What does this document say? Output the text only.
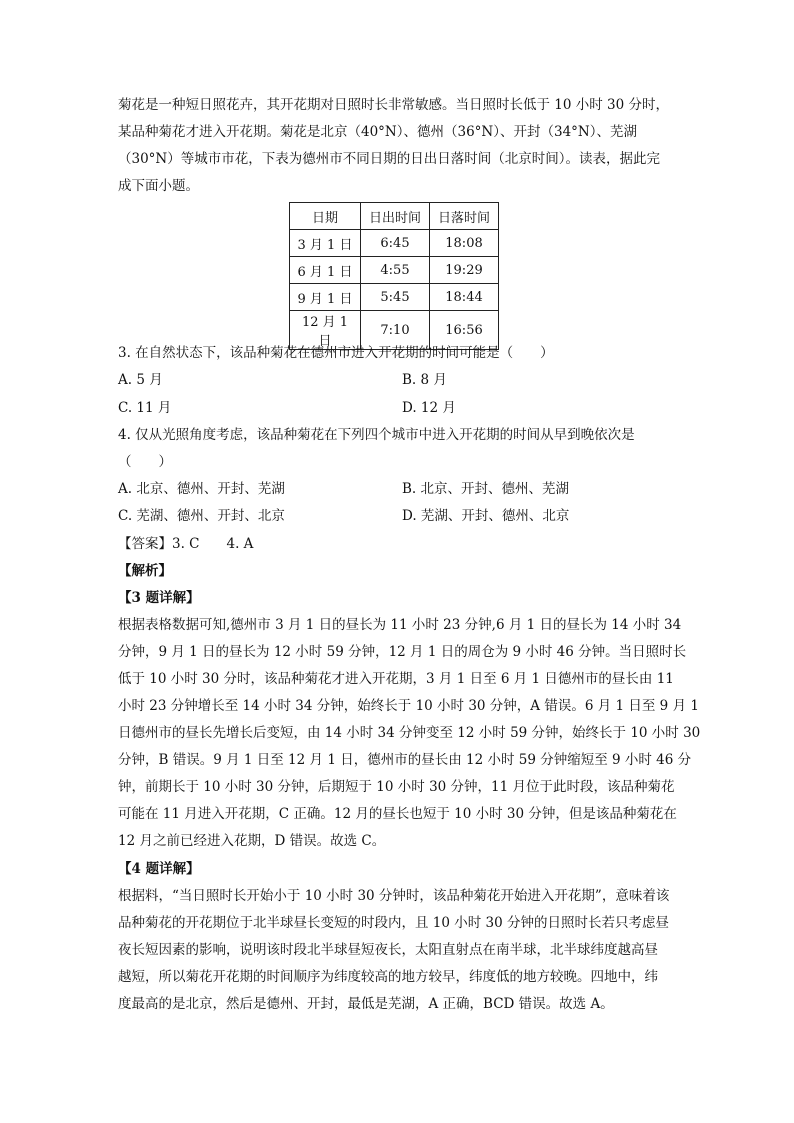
菊花是一种短日照花卉，其开花期对日照时长非常敏感。当日照时长低于 10 小时 30 分时，
某品种菊花才进入开花期。菊花是北京（40°N）、德州（36°N）、开封（34°N）、芜湖
（30°N）等城市市花，下表为德州市不同日期的日出日落时间（北京时间）。读表，据此完
成下面小题。
日期	日出时间	日落时间
3 月 1 日	6:45	18:08
6 月 1 日	4:55	19:29
9 月 1 日	5:45	18:44
12 月 1 日	7:10	16:56
3. 在自然状态下，该品种菊花在德州市进入开花期的时间可能是（　　）
A. 5 月	B. 8 月
C. 11 月	D. 12 月
4. 仅从光照角度考虑，该品种菊花在下列四个城市中进入开花期的时间从早到晚依次是
（　　）
A. 北京、德州、开封、芜湖	B. 北京、开封、德州、芜湖
C. 芜湖、德州、开封、北京	D. 芜湖、开封、德州、北京
【答案】3. C　　4. A
【解析】
【3 题详解】
根据表格数据可知,德州市 3 月 1 日的昼长为 11 小时 23 分钟,6 月 1 日的昼长为 14 小时 34
分钟，9 月 1 日的昼长为 12 小时 59 分钟，12 月 1 日的周仓为 9 小时 46 分钟。当日照时长
低于 10 小时 30 分时，该品种菊花才进入开花期，3 月 1 日至 6 月 1 日德州市的昼长由 11
小时 23 分钟增长至 14 小时 34 分钟，始终长于 10 小时 30 分钟，A 错误。6 月 1 日至 9 月 1
日德州市的昼长先增长后变短，由 14 小时 34 分钟变至 12 小时 59 分钟，始终长于 10 小时 30
分钟，B 错误。9 月 1 日至 12 月 1 日，德州市的昼长由 12 小时 59 分钟缩短至 9 小时 46 分
钟，前期长于 10 小时 30 分钟，后期短于 10 小时 30 分钟，11 月位于此时段，该品种菊花
可能在 11 月进入开花期，C 正确。12 月的昼长也短于 10 小时 30 分钟，但是该品种菊花在
12 月之前已经进入花期，D 错误。故选 C。
【4 题详解】
根据料，“当日照时长开始小于 10 小时 30 分钟时，该品种菊花开始进入开花期”，意味着该
品种菊花的开花期位于北半球昼长变短的时段内，且 10 小时 30 分钟的日照时长若只考虑昼
夜长短因素的影响，说明该时段北半球昼短夜长，太阳直射点在南半球，北半球纬度越高昼
越短，所以菊花开花期的时间顺序为纬度较高的地方较早，纬度低的地方较晚。四地中，纬
度最高的是北京，然后是德州、开封，最低是芜湖，A 正确，BCD 错误。故选 A。
